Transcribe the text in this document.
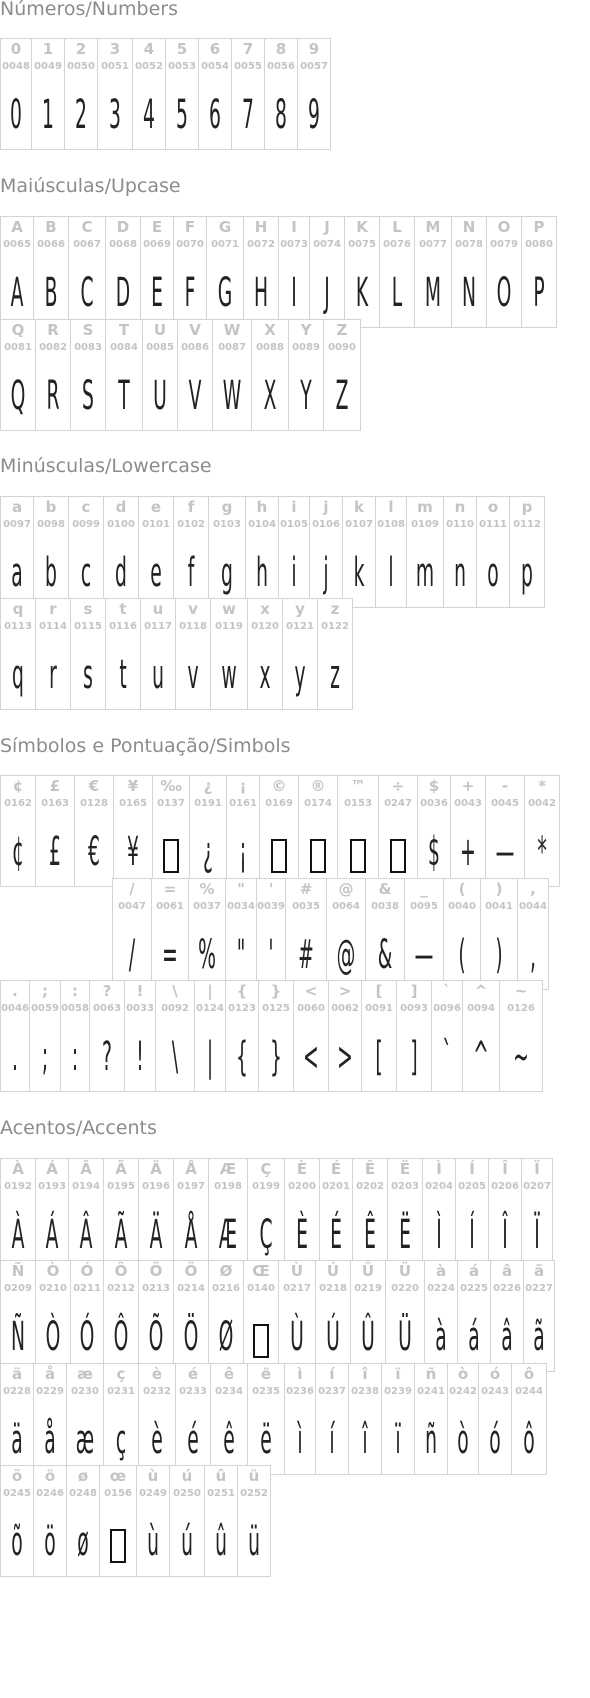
Números/Numbers
0
0048
0
1
0049
1
2
0050
2
3
0051
3
4
0052
4
5
0053
5
6
0054
6
7
0055
7
8
0056
8
9
0057
9
Maiúsculas/Upcase
A
0065
A
B
0066
B
C
0067
C
D
0068
D
E
0069
E
F
0070
F
G
0071
G
H
0072
H
I
0073
I
J
0074
J
K
0075
K
L
0076
L
M
0077
M
N
0078
N
O
0079
O
P
0080
P
Q
0081
Q
R
0082
R
S
0083
S
T
0084
T
U
0085
U
V
0086
V
W
0087
W
X
0088
X
Y
0089
Y
Z
0090
Z
Minúsculas/Lowercase
a
0097
a
b
0098
b
c
0099
c
d
0100
d
e
0101
e
f
0102
f
g
0103
g
h
0104
h
i
0105
i
j
0106
j
k
0107
k
l
0108
l
m
0109
m
n
0110
n
o
0111
o
p
0112
p
q
0113
q
r
0114
r
s
0115
s
t
0116
t
u
0117
u
v
0118
v
w
0119
w
x
0120
x
y
0121
y
z
0122
z
Símbolos e Pontuação/Simbols
¢
0162
¢
£
0163
£
€
0128
€
¥
0165
¥
‰
0137
¿
0191
¿
¡
0161
¡
©
0169
®
0174
™
0153
÷
0247
$
0036
$
+
0043
+
-
0045
—
*
0042
*
/
0047
/
=
0061
=
%
0037
%
"
0034
"
'
0039
'
#
0035
#
@
0064
@
&
0038
&
_
0095
—
(
0040
(
)
0041
)
,
0044
,
.
0046
.
;
0059
;
:
0058
:
?
0063
?
!
0033
!
\
0092
\
|
0124
|
{
0123
{
}
0125
}
<
0060
<
>
0062
>
[
0091
[
]
0093
]
`
0096
`
^
0094
^
~
0126
~
Acentos/Accents
À
0192
À
Á
0193
Á
Â
0194
Â
Ã
0195
Ã
Ä
0196
Ä
Å
0197
Å
Æ
0198
Æ
Ç
0199
Ç
È
0200
È
É
0201
É
Ê
0202
Ê
Ë
0203
Ë
Ì
0204
Ì
Í
0205
Í
Î
0206
Î
Ï
0207
Ï
Ñ
0209
Ñ
Ò
0210
Ò
Ó
0211
Ó
Ô
0212
Ô
Õ
0213
Õ
Ö
0214
Ö
Ø
0216
Ø
Œ
0140
Ù
0217
Ù
Ú
0218
Ú
Û
0219
Û
Ü
0220
Ü
à
0224
à
á
0225
á
â
0226
â
ã
0227
ã
ä
0228
ä
å
0229
å
æ
0230
æ
ç
0231
ç
è
0232
è
é
0233
é
ê
0234
ê
ë
0235
ë
ì
0236
ì
í
0237
í
î
0238
î
ï
0239
ï
ñ
0241
ñ
ò
0242
ò
ó
0243
ó
ô
0244
ô
õ
0245
õ
ö
0246
ö
ø
0248
ø
œ
0156
ù
0249
ù
ú
0250
ú
û
0251
û
ü
0252
ü
